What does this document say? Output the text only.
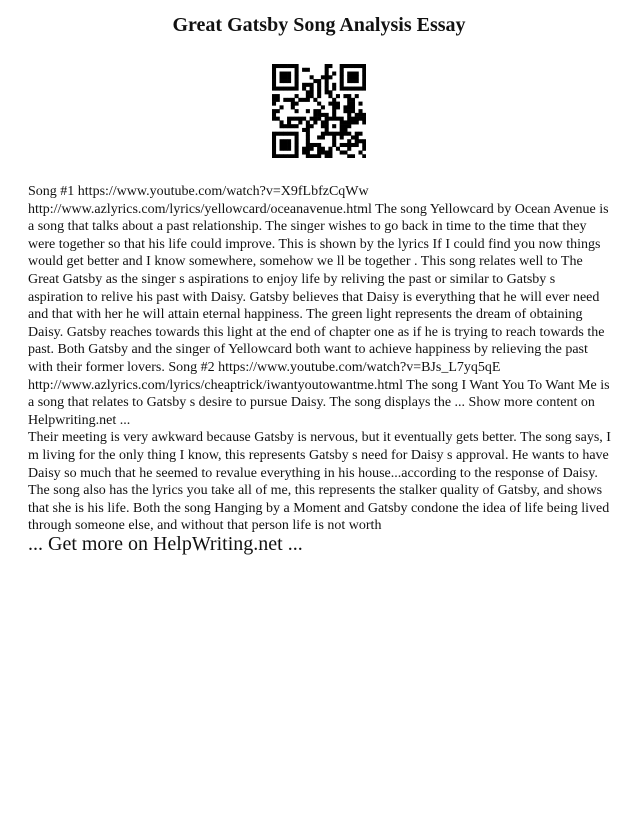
Great Gatsby Song Analysis Essay

Song #1 https://www.youtube.com/watch?v=X9fLbfzCqWw http://www.azlyrics.com/lyrics/yellowcard/oceanavenue.html The song Yellowcard by Ocean Avenue is a song that talks about a past relationship. The singer wishes to go back in time to the time that they were together so that his life could improve. This is shown by the lyrics If I could find you now things would get better and I know somewhere, somehow we ll be together . This song relates well to The Great Gatsby as the singer s aspirations to enjoy life by reliving the past or similar to Gatsby s aspiration to relive his past with Daisy. Gatsby believes that Daisy is everything that he will ever need and that with her he will attain eternal happiness. The green light represents the dream of obtaining Daisy. Gatsby reaches towards this light at the end of chapter one as if he is trying to reach towards the past. Both Gatsby and the singer of Yellowcard both want to achieve happiness by relieving the past with their former lovers. Song #2 https://www.youtube.com/watch?v=BJs_L7yq5qE http://www.azlyrics.com/lyrics/cheaptrick/iwantyoutowantme.html The song I Want You To Want Me is a song that relates to Gatsby s desire to pursue Daisy. The song displays the ... Show more content on Helpwriting.net ...

Their meeting is very awkward because Gatsby is nervous, but it eventually gets better. The song says, I m living for the only thing I know, this represents Gatsby s need for Daisy s approval. He wants to have Daisy so much that he seemed to revalue everything in his house...according to the response of Daisy. The song also has the lyrics you take all of me, this represents the stalker quality of Gatsby, and shows that she is his life. Both the song Hanging by a Moment and Gatsby condone the idea of life being lived through someone else, and without that person life is not worth

... Get more on HelpWriting.net ...
